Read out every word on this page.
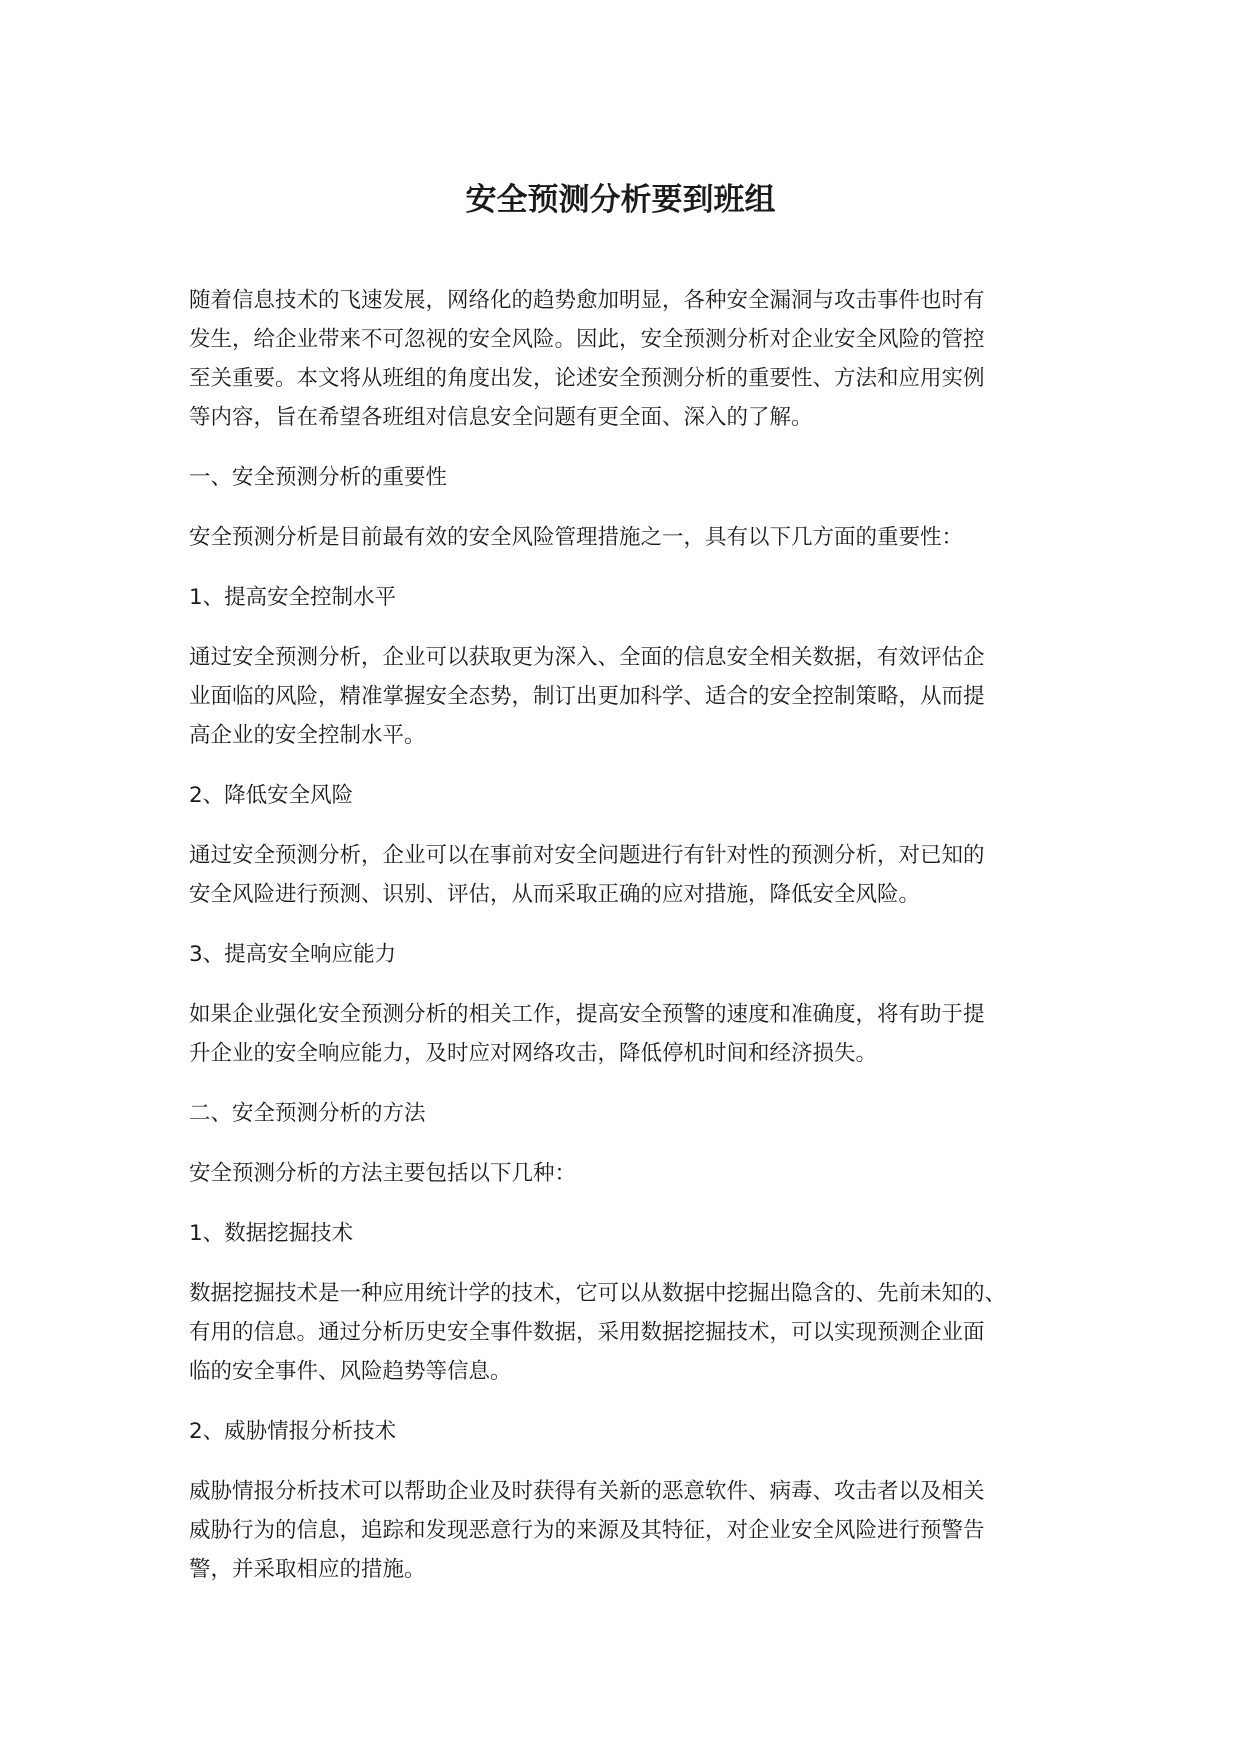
安全预测分析要到班组
随着信息技术的飞速发展，网络化的趋势愈加明显，各种安全漏洞与攻击事件也时有
发生，给企业带来不可忽视的安全风险。因此，安全预测分析对企业安全风险的管控
至关重要。本文将从班组的角度出发，论述安全预测分析的重要性、方法和应用实例
等内容，旨在希望各班组对信息安全问题有更全面、深入的了解。
一、安全预测分析的重要性
安全预测分析是目前最有效的安全风险管理措施之一，具有以下几方面的重要性：
1、提高安全控制水平
通过安全预测分析，企业可以获取更为深入、全面的信息安全相关数据，有效评估企
业面临的风险，精准掌握安全态势，制订出更加科学、适合的安全控制策略，从而提
高企业的安全控制水平。
2、降低安全风险
通过安全预测分析，企业可以在事前对安全问题进行有针对性的预测分析，对已知的
安全风险进行预测、识别、评估，从而采取正确的应对措施，降低安全风险。
3、提高安全响应能力
如果企业强化安全预测分析的相关工作，提高安全预警的速度和准确度，将有助于提
升企业的安全响应能力，及时应对网络攻击，降低停机时间和经济损失。
二、安全预测分析的方法
安全预测分析的方法主要包括以下几种：
1、数据挖掘技术
数据挖掘技术是一种应用统计学的技术，它可以从数据中挖掘出隐含的、先前未知的、
有用的信息。通过分析历史安全事件数据，采用数据挖掘技术，可以实现预测企业面
临的安全事件、风险趋势等信息。
2、威胁情报分析技术
威胁情报分析技术可以帮助企业及时获得有关新的恶意软件、病毒、攻击者以及相关
威胁行为的信息，追踪和发现恶意行为的来源及其特征，对企业安全风险进行预警告
警，并采取相应的措施。
